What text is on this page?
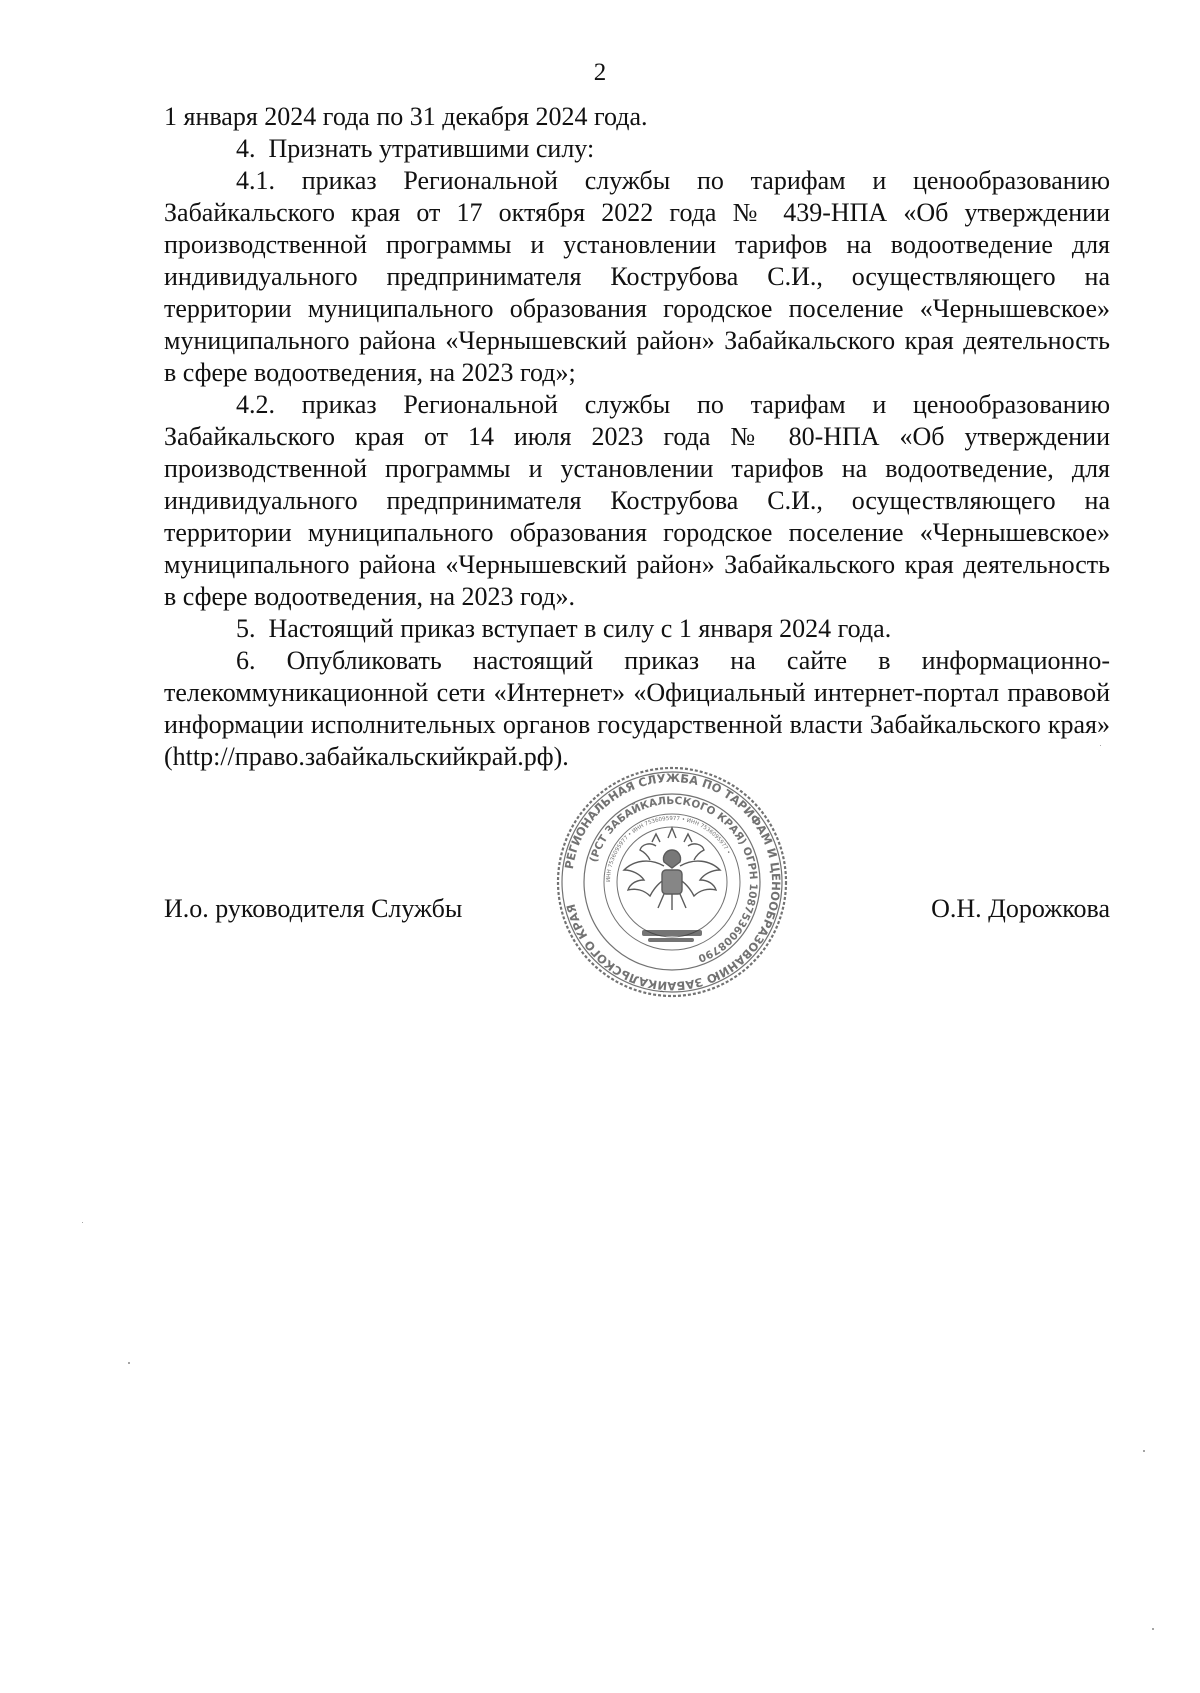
2

1 января 2024 года по 31 декабря 2024 года.

4.  Признать утратившими силу:

4.1. приказ Региональной службы по тарифам и ценообразованию Забайкальского края от 17 октября 2022 года № 439-НПА «Об утверждении производственной программы и установлении тарифов на водоотведение для индивидуального предпринимателя Кострубова С.И., осуществляющего на территории муниципального образования городское поселение «Чернышевское» муниципального района «Чернышевский район» Забайкальского края деятельность в сфере водоотведения, на 2023 год»;

4.2. приказ Региональной службы по тарифам и ценообразованию Забайкальского края от 14 июля 2023 года № 80-НПА «Об утверждении производственной программы и установлении тарифов на водоотведение, для индивидуального предпринимателя Кострубова С.И., осуществляющего на территории муниципального образования городское поселение «Чернышевское» муниципального района «Чернышевский район» Забайкальского края деятельность в сфере водоотведения, на 2023 год».

5.  Настоящий приказ вступает в силу с 1 января 2024 года.

6. Опубликовать настоящий приказ на сайте в информационно-телекоммуникационной сети «Интернет» «Официальный интернет-портал правовой информации исполнительных органов государственной власти Забайкальского края» (http://право.забайкальскийкрай.рф).

РЕГИОНАЛЬНАЯ СЛУЖБА ПО ТАРИФАМ И ЦЕНООБРАЗОВАНИЮ ЗАБАЙКАЛЬСКОГО КРАЯ
(РСТ ЗАБАЙКАЛЬСКОГО КРАЯ) ОГРН 1087536008790
ИНН 7536095977 • ИНН 7536095977 • ИНН 7536095977 •
И.о. руководителя Службы	О.Н. Дорожкова
